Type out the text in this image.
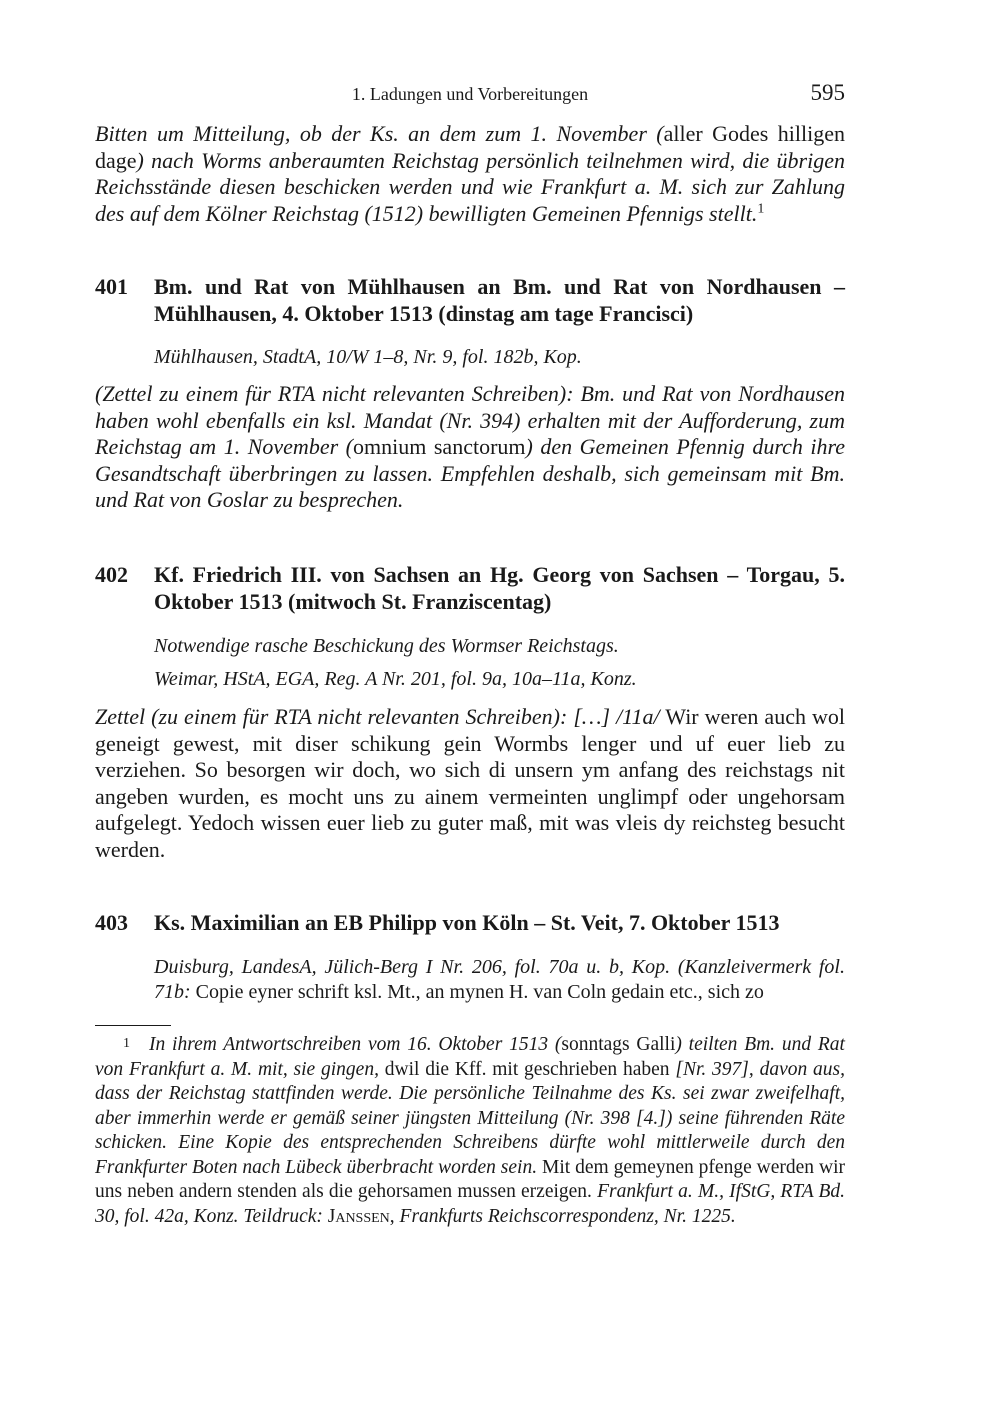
1. Ladungen und Vorbereitungen	595

Bitten um Mitteilung, ob der Ks. an dem zum 1. November (aller Godes hilligen dage) nach Worms anberaumten Reichstag persönlich teilnehmen wird, die übrigen Reichsstände diesen beschicken werden und wie Frankfurt a. M. sich zur Zahlung des auf dem Kölner Reichstag (1512) bewilligten Gemeinen Pfennigs stellt.$^1$

401 Bm. und Rat von Mühlhausen an Bm. und Rat von Nordhausen – Mühlhausen, 4. Oktober 1513 (dinstag am tage Francisci)
Mühlhausen, StadtA, 10/W 1–8, Nr. 9, fol. 182b, Kop.

(Zettel zu einem für RTA nicht relevanten Schreiben): Bm. und Rat von Nordhausen haben wohl ebenfalls ein ksl. Mandat (Nr. 394) erhalten mit der Aufforderung, zum Reichstag am 1. November (omnium sanctorum) den Gemeinen Pfennig durch ihre Gesandtschaft überbringen zu lassen. Empfehlen deshalb, sich gemeinsam mit Bm. und Rat von Goslar zu besprechen.

402 Kf. Friedrich III. von Sachsen an Hg. Georg von Sachsen – Torgau, 5. Oktober 1513 (mitwoch St. Franziscentag)
Notwendige rasche Beschickung des Wormser Reichstags.
Weimar, HStA, EGA, Reg. A Nr. 201, fol. 9a, 10a–11a, Konz.

Zettel (zu einem für RTA nicht relevanten Schreiben): […] /11a/ Wir weren auch wol geneigt gewest, mit diser schikung gein Wormbs lenger und uf euer lieb zu verziehen. So besorgen wir doch, wo sich di unsern ym anfang des reichstags nit angeben wurden, es mocht uns zu ainem vermeinten unglimpf oder ungehorsam aufgelegt. Yedoch wissen euer lieb zu guter maß, mit was vleis dy reichsteg besucht werden.

403 Ks. Maximilian an EB Philipp von Köln – St. Veit, 7. Oktober 1513
Duisburg, LandesA, Jülich-Berg I Nr. 206, fol. 70a u. b, Kop. (Kanzleivermerk fol. 71b: Copie eyner schrift ksl. Mt., an mynen H. van Coln gedain etc., sich zo
1 In ihrem Antwortschreiben vom 16. Oktober 1513 (sonntags Galli) teilten Bm. und Rat von Frankfurt a. M. mit, sie gingen, dwil die Kff. mit geschrieben haben [Nr. 397], davon aus, dass der Reichstag stattfinden werde. Die persönliche Teilnahme des Ks. sei zwar zweifelhaft, aber immerhin werde er gemäß seiner jüngsten Mitteilung (Nr. 398 [4.]) seine führenden Räte schicken. Eine Kopie des entsprechenden Schreibens dürfte wohl mittlerweile durch den Frankfurter Boten nach Lübeck überbracht worden sein. Mit dem gemeynen pfenge werden wir uns neben andern stenden als die gehorsamen mussen erzeigen. Frankfurt a. M., IfStG, RTA Bd. 30, fol. 42a, Konz. Teildruck: Janssen, Frankfurts Reichscorrespondenz, Nr. 1225.
